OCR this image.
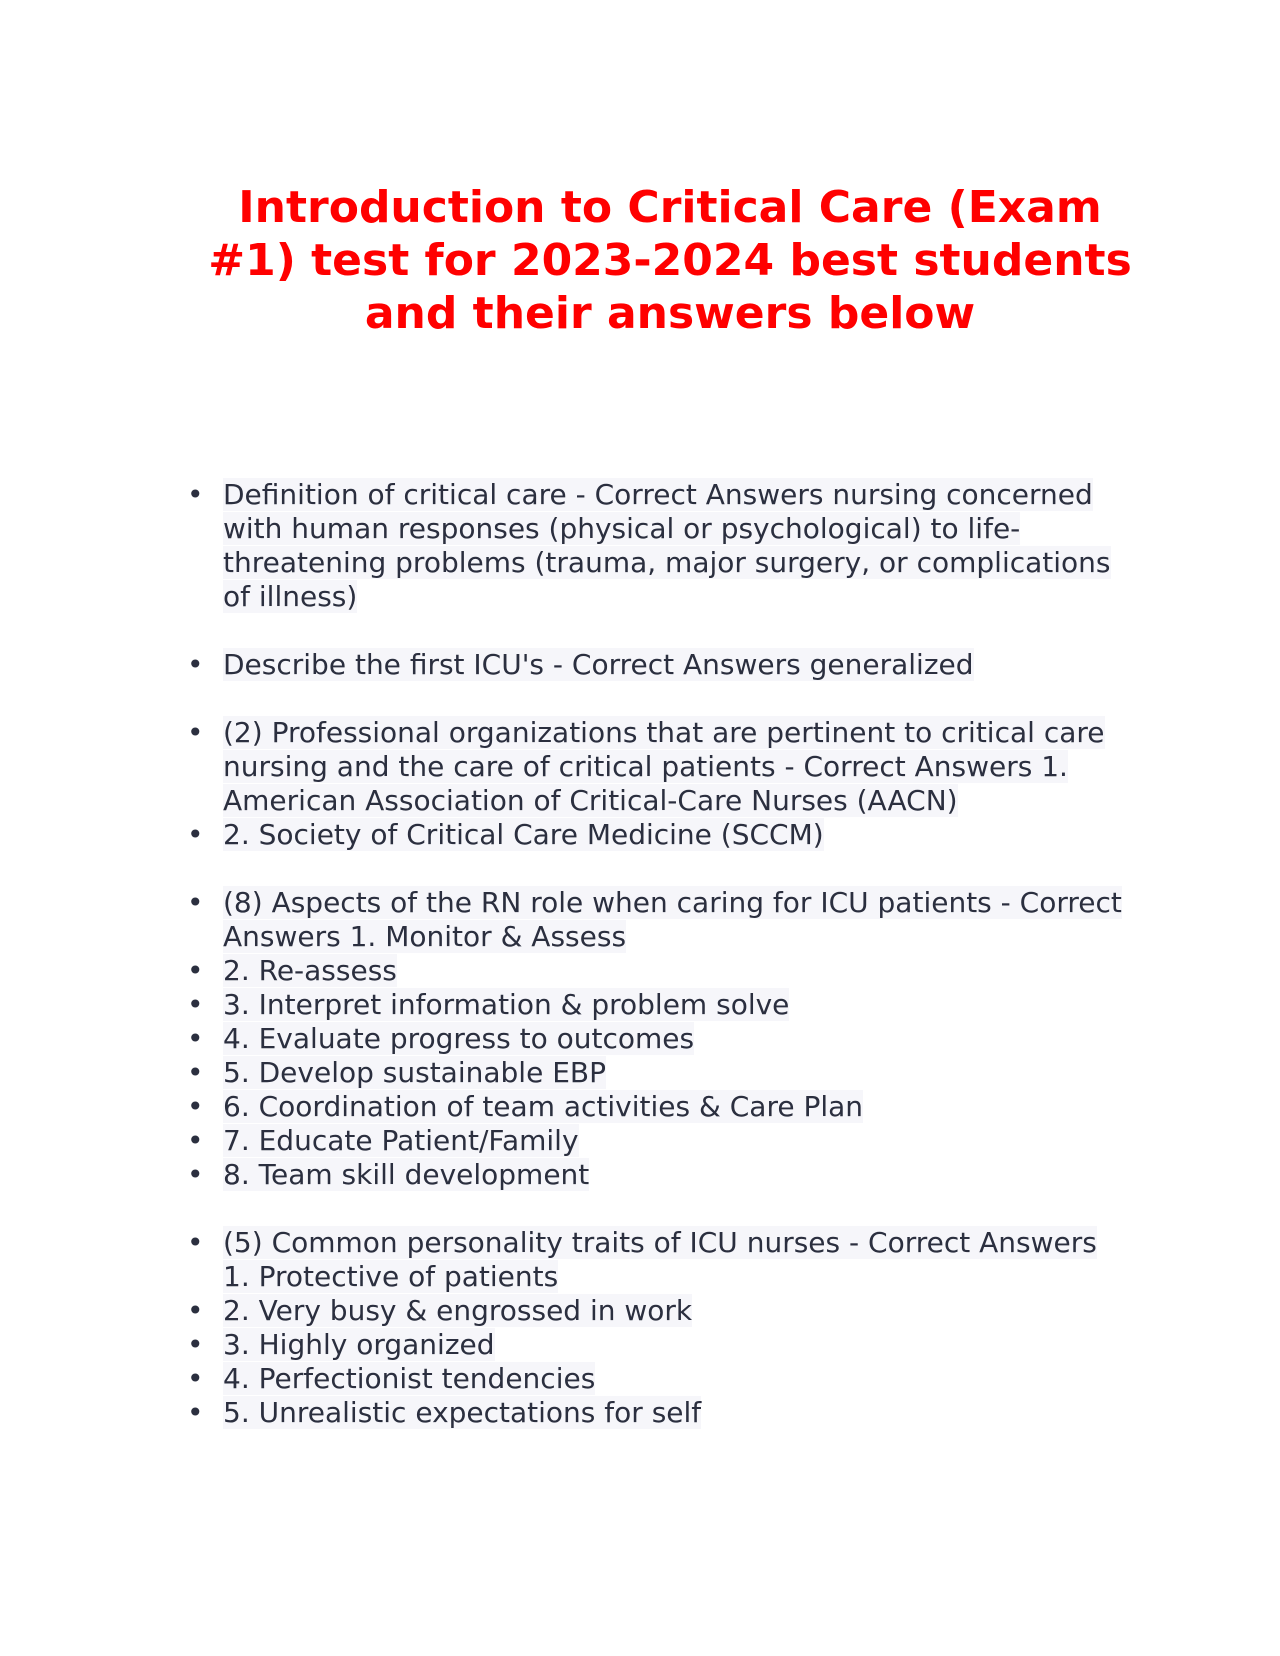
Introduction to Critical Care (Exam #1) test for 2023-2024 best students and their answers below
• Definition of critical care - Correct Answers nursing concerned with human responses (physical or psychological) to life-threatening problems (trauma, major surgery, or complications of illness)
• Describe the first ICU's - Correct Answers generalized
• (2) Professional organizations that are pertinent to critical care nursing and the care of critical patients - Correct Answers 1. American Association of Critical-Care Nurses (AACN)
• 2. Society of Critical Care Medicine (SCCM)
• (8) Aspects of the RN role when caring for ICU patients - Correct Answers 1. Monitor & Assess
• 2. Re-assess
• 3. Interpret information & problem solve
• 4. Evaluate progress to outcomes
• 5. Develop sustainable EBP
• 6. Coordination of team activities & Care Plan
• 7. Educate Patient/Family
• 8. Team skill development
• (5) Common personality traits of ICU nurses - Correct Answers 1. Protective of patients
• 2. Very busy & engrossed in work
• 3. Highly organized
• 4. Perfectionist tendencies
• 5. Unrealistic expectations for self
